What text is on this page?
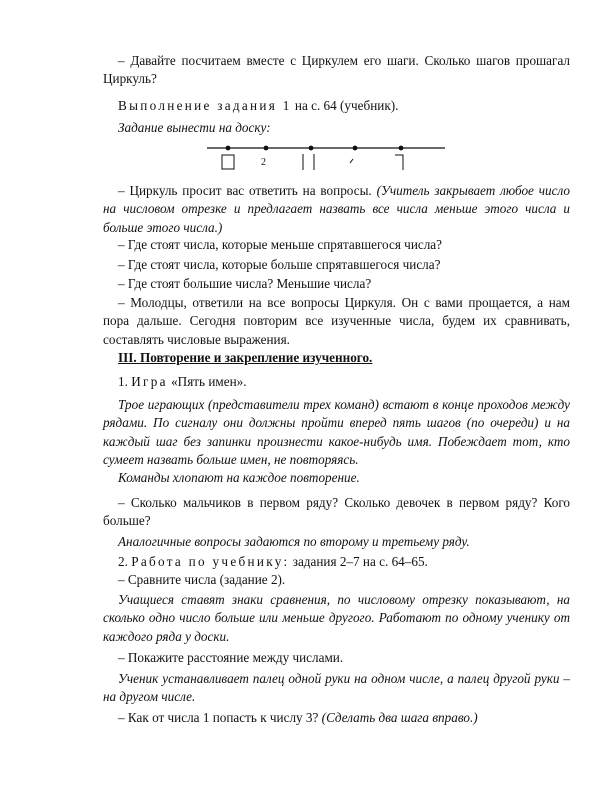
– Давайте посчитаем вместе с Циркулем его шаги. Сколько шагов прошагал Циркуль?

Выполнение задания 1 на с. 64 (учебник).

Задание вынести на доску:

2

– Циркуль просит вас ответить на вопросы. (Учитель закрывает любое число на числовом отрезке и предлагает назвать все числа меньше этого числа и больше этого числа.)

– Где стоят числа, которые меньше спрятавшегося числа?

– Где стоят числа, которые больше спрятавшегося числа?

– Где стоят большие числа? Меньшие числа?

– Молодцы, ответили на все вопросы Циркуля. Он с вами прощается, а нам пора дальше. Сегодня повторим все изученные числа, будем их сравнивать, составлять числовые выражения.

III. Повторение и закрепление изученного.

1. Игра «Пять имен».

Трое играющих (представители трех команд) встают в конце проходов между рядами. По сигналу они должны пройти вперед пять шагов (по очереди) и на каждый шаг без запинки произнести какое-нибудь имя. Побеждает тот, кто сумеет назвать больше имен, не повторяясь.

Команды хлопают на каждое повторение.

– Сколько мальчиков в первом ряду? Сколько девочек в первом ряду? Кого больше?

Аналогичные вопросы задаются по второму и третьему ряду.

2. Работа по учебнику: задания 2–7 на с. 64–65.

– Сравните числа (задание 2).

Учащиеся ставят знаки сравнения, по числовому отрезку показывают, на сколько одно число больше или меньше другого. Работают по одному ученику от каждого ряда у доски.

– Покажите расстояние между числами.

Ученик устанавливает палец одной руки на одном числе, а палец другой руки – на другом числе.

– Как от числа 1 попасть к числу 3? (Сделать два шага вправо.)
